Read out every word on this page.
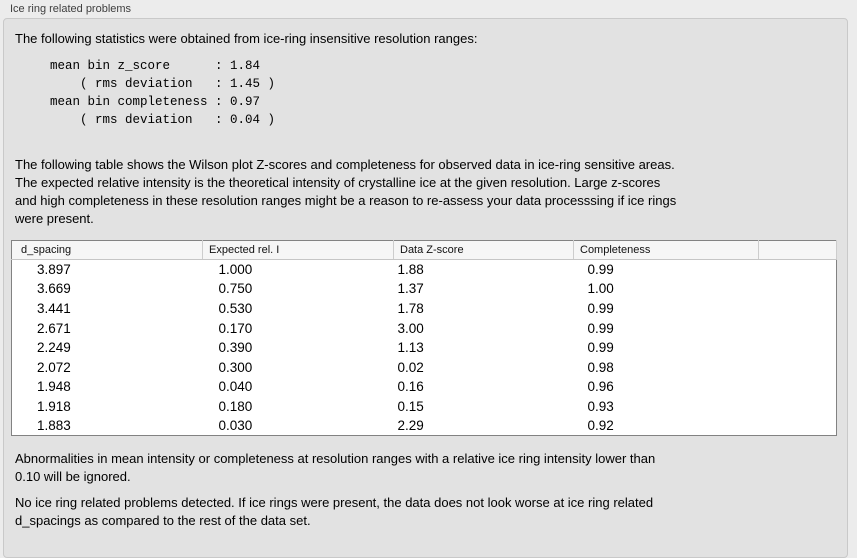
Ice ring related problems
The following statistics were obtained from ice-ring insensitive resolution ranges:
mean bin z_score      : 1.84
( rms deviation   : 1.45 )
mean bin completeness : 0.97
( rms deviation   : 0.04 )
The following table shows the Wilson plot Z-scores and completeness for observed data in ice-ring sensitive areas.
The expected relative intensity is the theoretical intensity of crystalline ice at the given resolution. Large z-scores
and high completeness in these resolution ranges might be a reason to re-assess your data processsing if ice rings
were present.
d_spacing	Expected rel. I	Data Z-score	Completeness	
3.897	1.000	1.88	0.99	
3.669	0.750	1.37	1.00	
3.441	0.530	1.78	0.99	
2.671	0.170	3.00	0.99	
2.249	0.390	1.13	0.99	
2.072	0.300	0.02	0.98	
1.948	0.040	0.16	0.96	
1.918	0.180	0.15	0.93	
1.883	0.030	2.29	0.92	
Abnormalities in mean intensity or completeness at resolution ranges with a relative ice ring intensity lower than
0.10 will be ignored.
No ice ring related problems detected. If ice rings were present, the data does not look worse at ice ring related
d_spacings as compared to the rest of the data set.
